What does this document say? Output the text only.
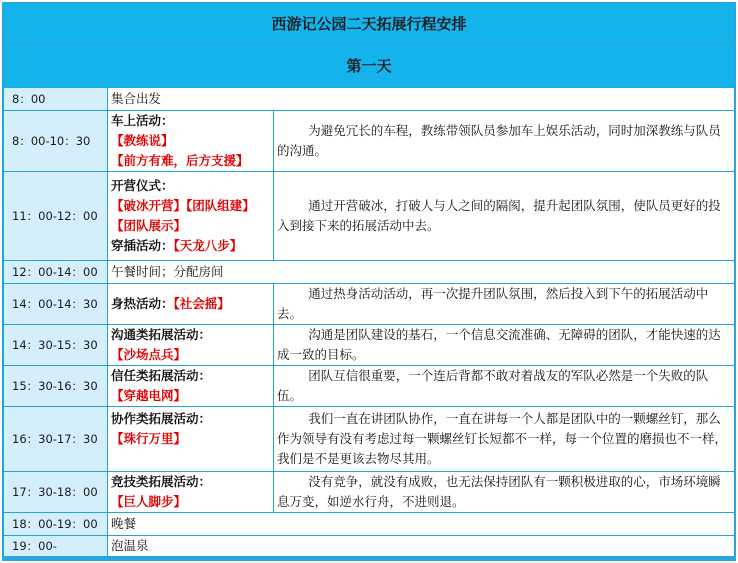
西游记公园二天拓展行程安排		
第一天		
8：00	集合出发	
8：00-10：30	车上活动：
【教练说】
【前方有难，后方支援】	为避免冗长的车程，教练带领队员参加车上娱乐活动，同时加深教练与队员的沟通。

11：00-12：00	开营仪式：
【破冰开营】【团队组建】
【团队展示】
穿插活动：【天龙八步】	通过开营破冰，打破人与人之间的隔阂，提升起团队氛围，使队员更好的投入到接下来的拓展活动中去。

12：00-14：00	午餐时间；分配房间	
14：00-14：30	身热活动：【社会摇】	通过热身活动活动，再一次提升团队氛围，然后投入到下午的拓展活动中去。

14：30-15：30	沟通类拓展活动：
【沙场点兵】	沟通是团队建设的基石，一个信息交流准确、无障碍的团队，才能快速的达成一致的目标。

15：30-16：30	信任类拓展活动：
【穿越电网】	团队互信很重要，一个连后背都不敢对着战友的军队必然是一个失败的队伍。

16：30-17：30	协作类拓展活动：
【珠行万里】	我们一直在讲团队协作，一直在讲每一个人都是团队中的一颗螺丝钉，那么作为领导有没有考虑过每一颗螺丝钉长短都不一样，每一个位置的磨损也不一样，我们是不是更该去物尽其用。

17：30-18：00	竞技类拓展活动：
【巨人脚步】	没有竞争，就没有成败，也无法保持团队有一颗积极进取的心，市场环境瞬息万变，如逆水行舟，不进则退。

18：00-19：00	晚餐	
19：00-	泡温泉	
